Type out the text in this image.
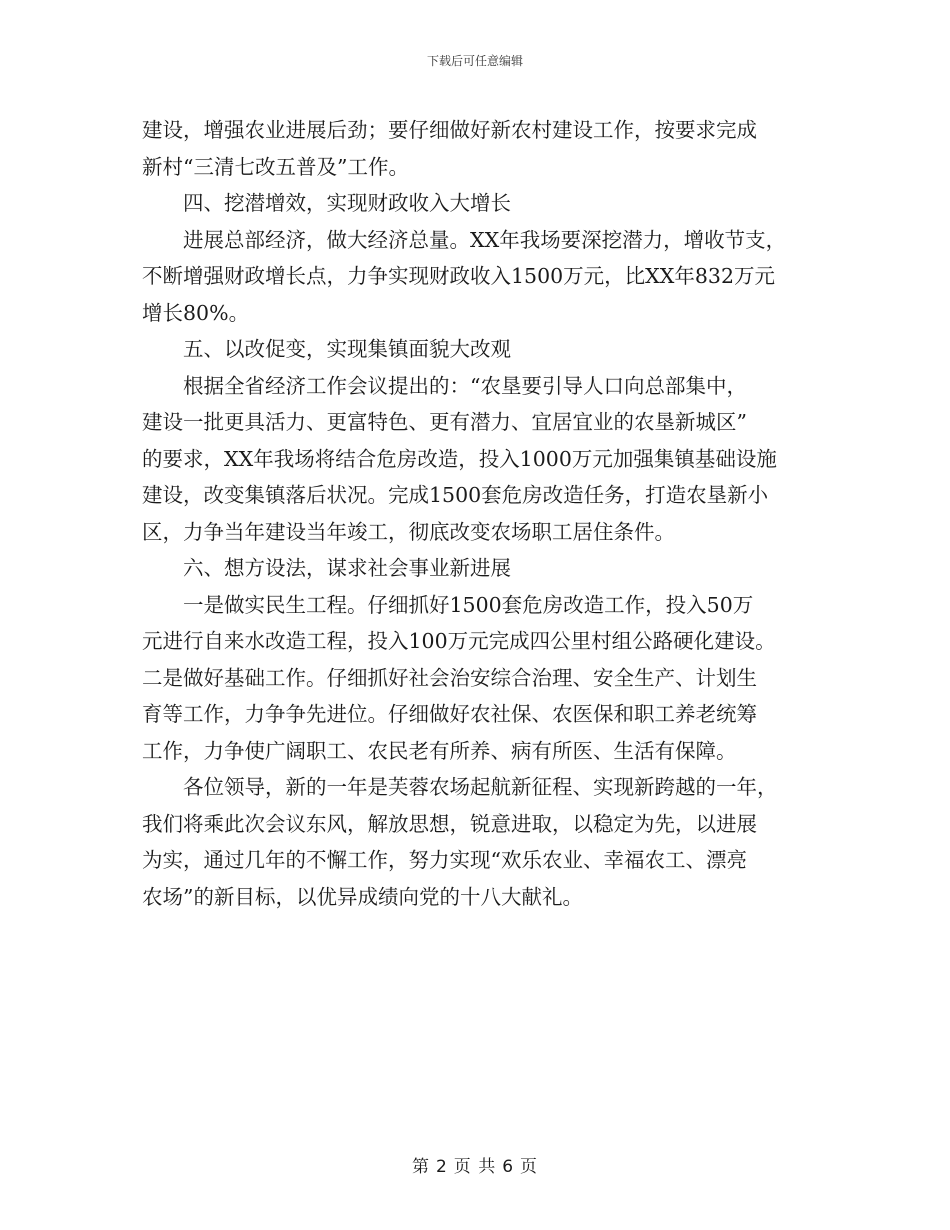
下载后可任意编辑
建设，增强农业进展后劲；要仔细做好新农村建设工作，按要求完成
新村“三清七改五普及”工作。
四、挖潜增效，实现财政收入大增长
进展总部经济，做大经济总量。XX年我场要深挖潜力，增收节支，
不断增强财政增长点，力争实现财政收入1500万元，比XX年832万元
增长80%。
五、以改促变，实现集镇面貌大改观
根据全省经济工作会议提出的：“农垦要引导人口向总部集中，
建设一批更具活力、更富特色、更有潜力、宜居宜业的农垦新城区”
的要求，XX年我场将结合危房改造，投入1000万元加强集镇基础设施
建设，改变集镇落后状况。完成1500套危房改造任务，打造农垦新小
区，力争当年建设当年竣工，彻底改变农场职工居住条件。
六、想方设法，谋求社会事业新进展
一是做实民生工程。仔细抓好1500套危房改造工作，投入50万
元进行自来水改造工程，投入100万元完成四公里村组公路硬化建设。
二是做好基础工作。仔细抓好社会治安综合治理、安全生产、计划生
育等工作，力争争先进位。仔细做好农社保、农医保和职工养老统筹
工作，力争使广阔职工、农民老有所养、病有所医、生活有保障。
各位领导，新的一年是芙蓉农场起航新征程、实现新跨越的一年，
我们将乘此次会议东风，解放思想，锐意进取，以稳定为先，以进展
为实，通过几年的不懈工作，努力实现“欢乐农业、幸福农工、漂亮
农场”的新目标，以优异成绩向党的十八大献礼。
第 2 页 共 6 页
